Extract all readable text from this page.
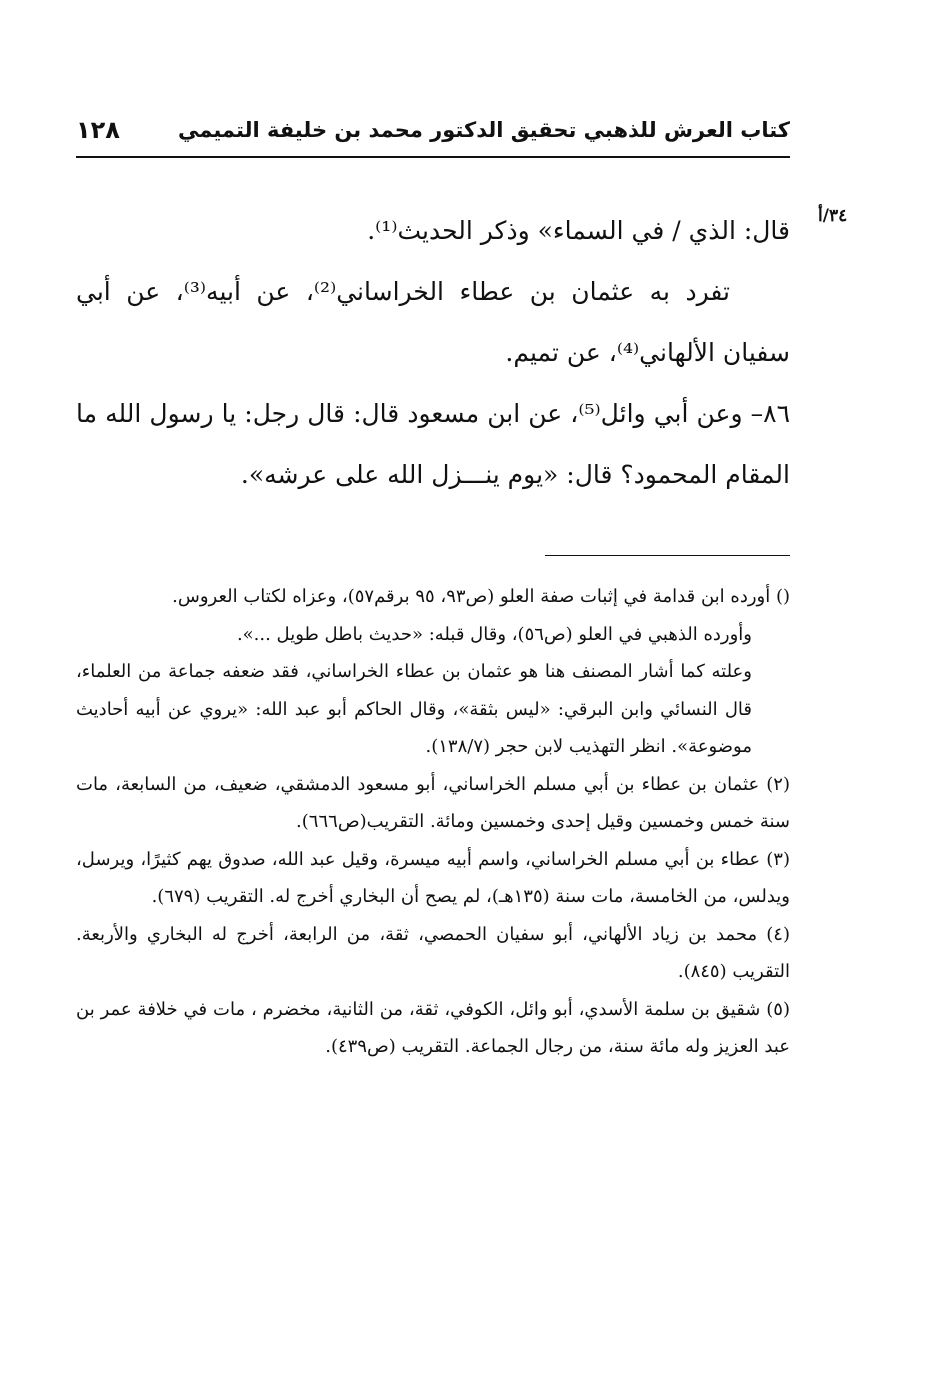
كتاب العرش للذهبي تحقيق الدكتور محمد بن خليفة التميمي
١٢٨
٣٤/أ

قال: الذي / في السماء» وذكر الحديث⁽¹⁾.

تفرد به عثمان بن عطاء الخراساني⁽²⁾، عن أبيه⁽³⁾، عن أبي سفيان الألهاني⁽⁴⁾، عن تميم.

٨٦– وعن أبي وائل⁽⁵⁾، عن ابن مسعود قال: قال رجل: يا رسول الله ما المقام المحمود؟ قال: «يوم ينـــزل الله على عرشه».

() أورده ابن قدامة في إثبات صفة العلو (ص٩٣، ٩٥ برقم٥٧)، وعزاه لكتاب العروس.

وأورده الذهبي في العلو (ص٥٦)، وقال قبله: «حديث باطل طويل ...».

وعلته كما أشار المصنف هنا هو عثمان بن عطاء الخراساني، فقد ضعفه جماعة من العلماء، قال النسائي وابن البرقي: «ليس بثقة»، وقال الحاكم أبو عبد الله: «يروي عن أبيه أحاديث موضوعة». انظر التهذيب لابن حجر (١٣٨/٧).

(٢) عثمان بن عطاء بن أبي مسلم الخراساني، أبو مسعود الدمشقي، ضعيف، من السابعة، مات سنة خمس وخمسين وقيل إحدى وخمسين ومائة. التقريب(ص٦٦٦).

(٣) عطاء بن أبي مسلم الخراساني، واسم أبيه ميسرة، وقيل عبد الله، صدوق يهم كثيرًا، ويرسل، ويدلس، من الخامسة، مات سنة (١٣٥هـ)، لم يصح أن البخاري أخرج له. التقريب (٦٧٩).

(٤) محمد بن زياد الألهاني، أبو سفيان الحمصي، ثقة، من الرابعة، أخرج له البخاري والأربعة. التقريب (٨٤٥).

(٥) شقيق بن سلمة الأسدي، أبو وائل، الكوفي، ثقة، من الثانية، مخضرم ، مات في خلافة عمر بن عبد العزيز وله مائة سنة، من رجال الجماعة. التقريب (ص٤٣٩).
